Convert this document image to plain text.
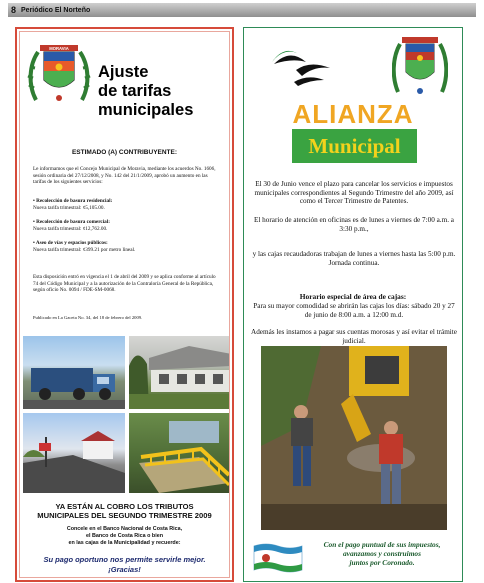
8 Periódico El Norteño
MORAVIA
Ajuste
de tarifas
municipales
ESTIMADO (A) CONTRIBUYENTE:
Le informamos que el Concejo Municipal de Moravia, mediante los acuerdos No. 1606, sesión ordinaria del 27/12/2008, y No. 142 del 21/1/2009, aprobó un aumento en las tarifas de los siguientes servicios:
• Recolección de basura residencial:
Nueva tarifa trimestral: ¢5,105.00.
• Recolección de basura comercial:
Nueva tarifa trimestral: ¢12,762.00.
• Aseo de vías y espacios públicos:
Nueva tarifa trimestral: ¢399.21 por metro lineal.
Esta disposición entró en vigencia el 1 de abril del 2009 y se aplica conforme al artículo 74 del Código Municipal y a la autorización de la Contraloría General de la República, según oficio No. 0094 / FDE-SM-0068.
Publicado en La Gaceta No. 34, del 18 de febrero del 2009.
YA ESTÁN AL COBRO LOS TRIBUTOS
MUNICIPALES DEL SEGUNDO TRIMESTRE 2009
Concele en el Banco Nacional de Costa Rica,
el Banco de Costa Rica o bien
en las cajas de la Municipalidad y recuerde:
Su pago oportuno nos permite servirle mejor.
¡Gracias!
ALIANZA
Municipal
El 30 de Junio vence el plazo para cancelar los servicios e impuestos municipales correspondientes al Segundo Trimestre del año 2009, así como el Tercer Trimestre de Patentes.
El horario de atención en oficinas es de lunes a viernes de 7:00 a.m. a 3:30 p.m.,
y las cajas recaudadoras trabajan de lunes a viernes hasta las 5:00 p.m. Jornada continua.
Horario especial de área de cajas:
Para su mayor comodidad se abrirán las cajas los días: sábado 20 y 27 de junio de 8:00 a.m. a 12:00 m.d.
Además les instamos a pagar sus cuentas morosas y así evitar el trámite judicial.
Con el pago puntual de sus impuestos,
avanzamos y construimos
juntos por Coronado.
